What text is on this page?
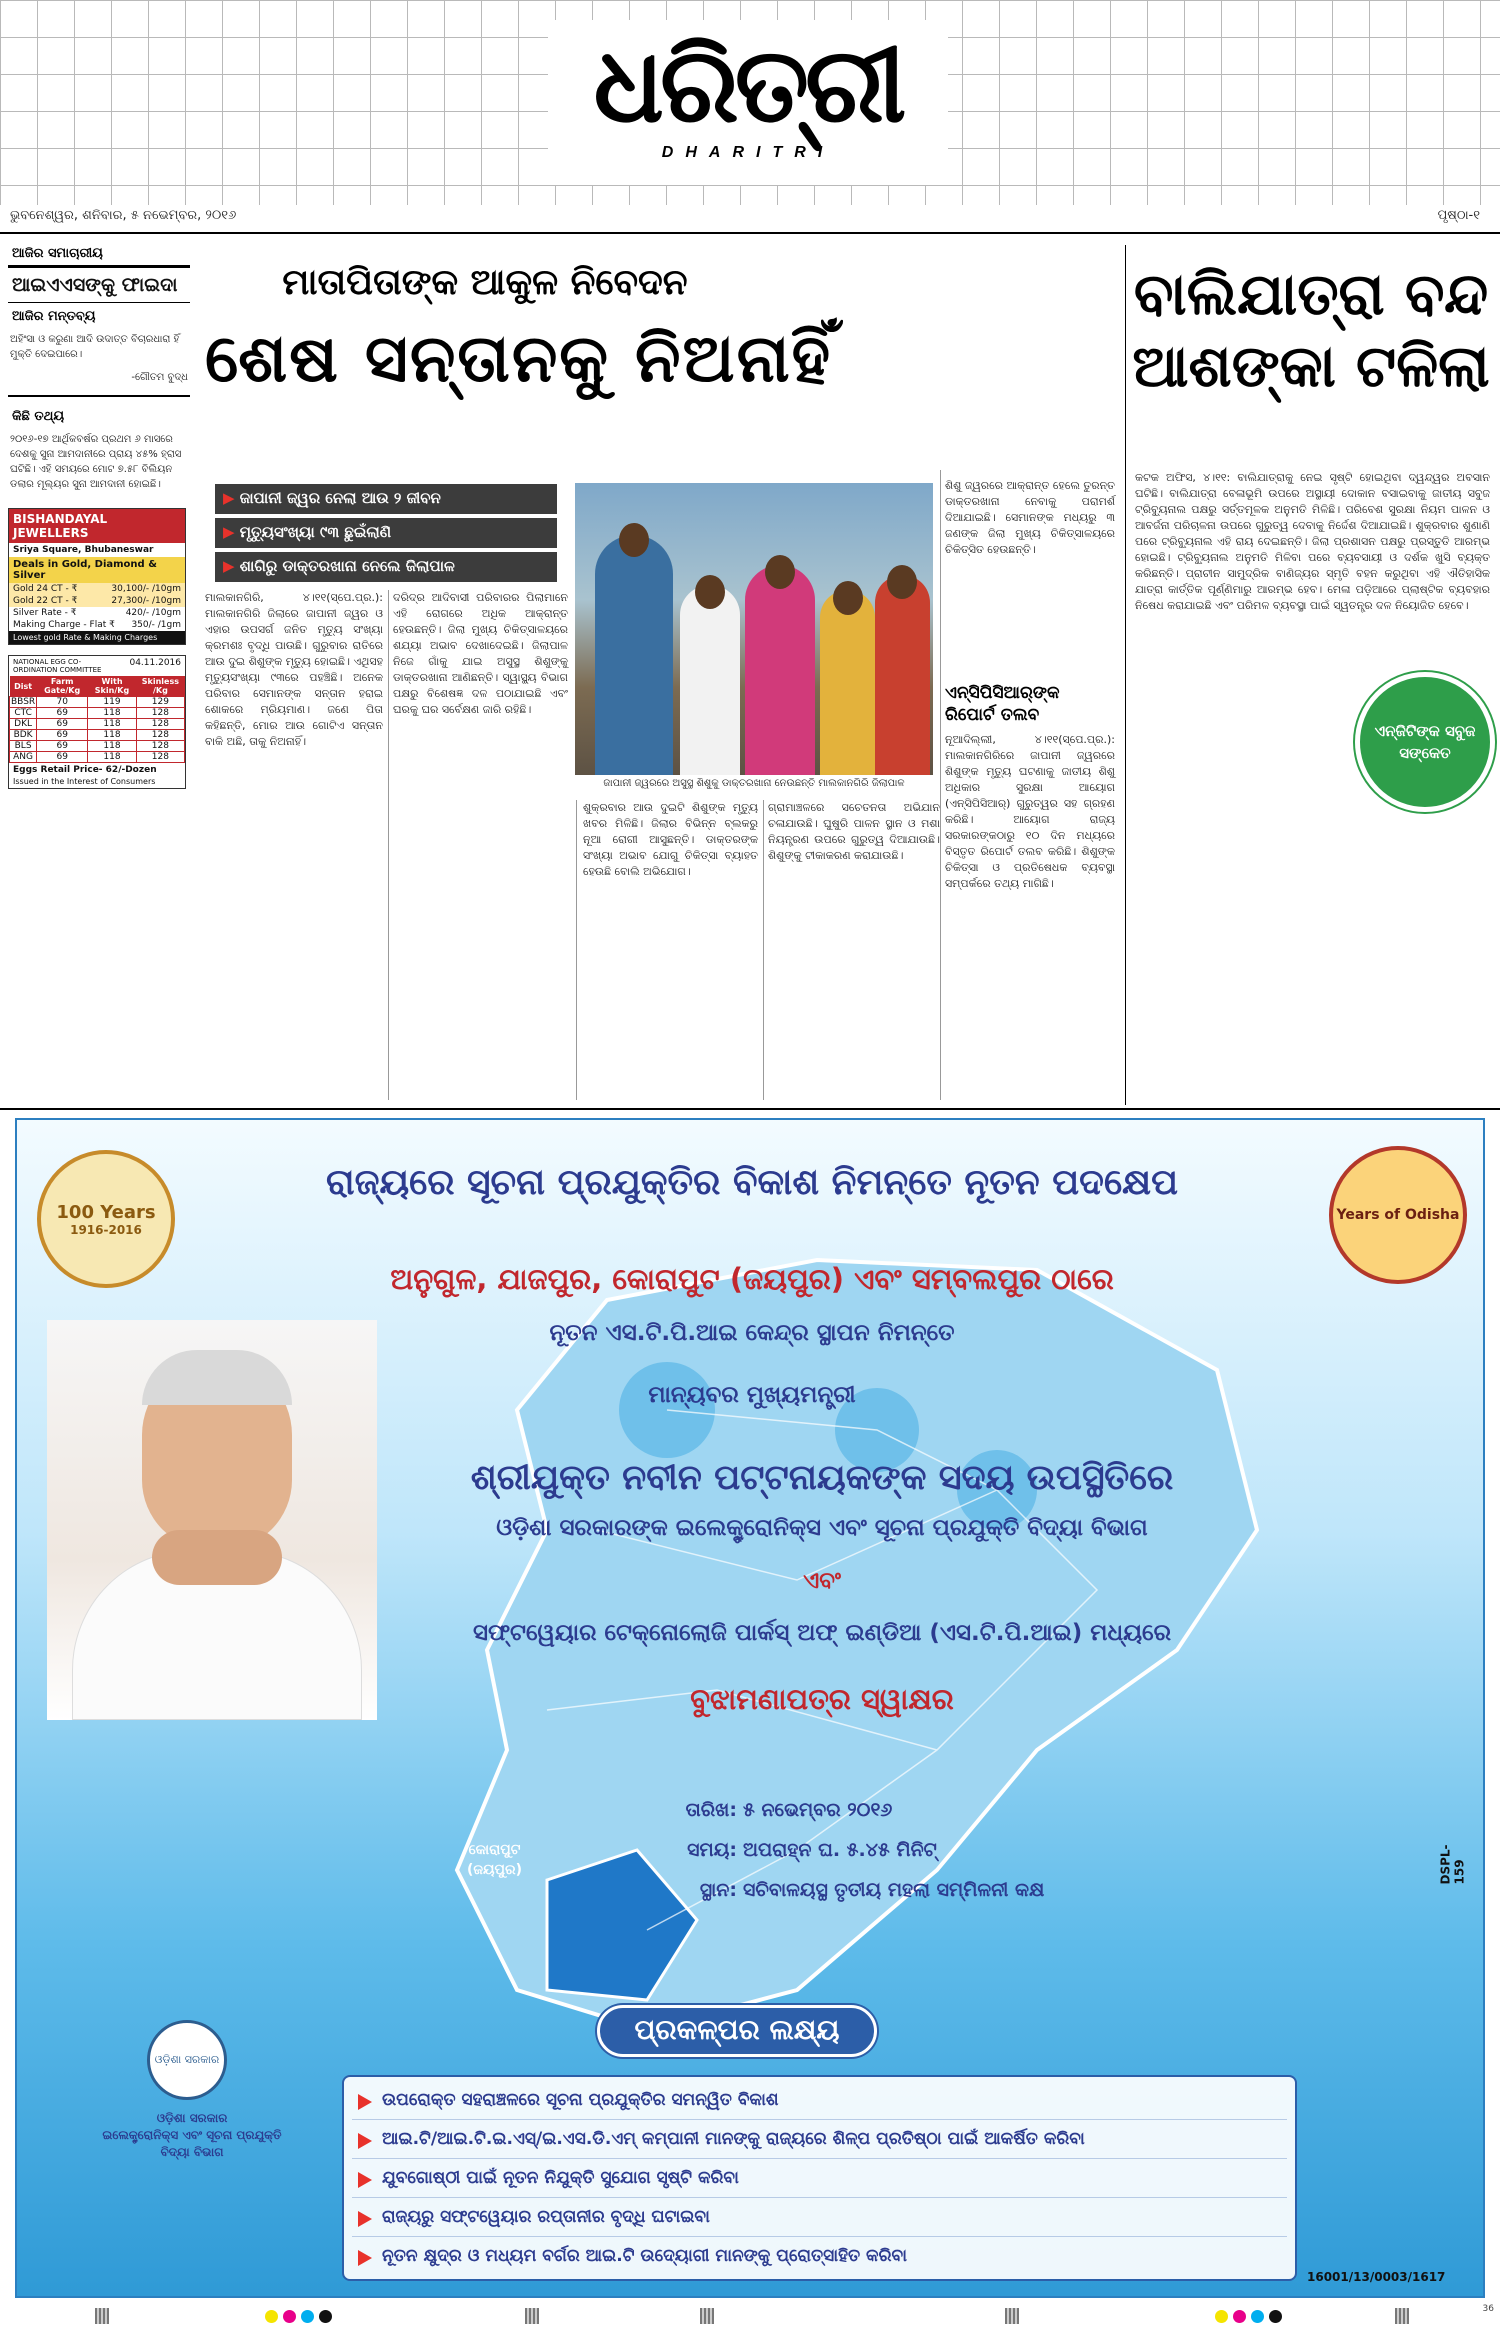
ଧରିତ୍ରୀ
DHARITRI
ଭୁବନେଶ୍ୱର, ଶନିବାର, ୫ ନଭେମ୍ବର, ୨୦୧୬	ପୃଷ୍ଠା-୧
ଆଜିର ସମାଚାରୀୟ
ଆଇଏଏସଙ୍କୁ ଫାଇଦା
ଆଜିର ମନ୍ତବ୍ୟ
ଅହିଂସା ଓ କରୁଣା ଆଦି ଉଦାତ୍ତ ବିଚାରଧାରା ହିଁ ମୁକ୍ତି ଦେଇପାରେ।
-ଗୌତମ ବୁଦ୍ଧ
କିଛି ତଥ୍ୟ
୨୦୧୬-୧୭ ଆର୍ଥିକବର୍ଷର ପ୍ରଥମ ୬ ମାସରେ ଦେଶକୁ ସୁନା ଆମଦାନୀରେ ପ୍ରାୟ ୪୫% ହ୍ରାସ ଘଟିଛି। ଏହି ସମୟରେ ମୋଟ ୭.୫୮ ବିଲିୟନ ଡଲାର ମୂଲ୍ୟର ସୁନା ଆମଦାନୀ ହୋଇଛି।
BISHANDAYAL JEWELLERS
Sriya Square, Bhubaneswar
Deals in Gold, Diamond & Silver
Gold 24 CT - ₹	30,100/- /10gm
Gold 22 CT - ₹	27,300/- /10gm
Silver Rate - ₹	420/- /10gm
Making Charge - Flat ₹ 350/- /1gm
Lowest gold Rate & Making Charges
NATIONAL EGG CO-ORDINATION COMMITTEE
04.11.2016
Dist	Farm Gate/Kg	With Skin/Kg	Skinless /Kg
BBSR	70	119	129
CTC	69	118	128
DKL	69	118	128
BDK	69	118	128
BLS	69	118	128
ANG	69	118	128
Eggs Retail Price- 62/-Dozen
Issued in the Interest of Consumers
ମାତାପିତାଙ୍କ ଆକୁଳ ନିବେଦନ
ଶେଷ ସନ୍ତାନକୁ ନିଅନାହିଁ
▶ ଜାପାନୀ ଜ୍ୱର ନେଲା ଆଉ ୨ ଜୀବନ
▶ ମୃତ୍ୟୁସଂଖ୍ୟା ୯୩ ଛୁଇଁଲାଣି
▶ ଶାଗିରୁ ଡାକ୍ତରଖାନା ନେଲେ ଜିଲାପାଳ
ଜାପାନୀ ଜ୍ୱରରେ ଅସୁସ୍ଥ ଶିଶୁକୁ ଡାକ୍ତରଖାନା ନେଉଛନ୍ତି ମାଲକାନଗିରି ଜିଲାପାଳ
ମାଲକାନଗିରି, ୪।୧୧(ସ୍ପେ.ପ୍ର.): ମାଲକାନଗିରି ଜିଲାରେ ଜାପାନୀ ଜ୍ୱର ଓ ଏହାର ଉପସର୍ଗ ଜନିତ ମୃତ୍ୟୁ ସଂଖ୍ୟା କ୍ରମଶଃ ବୃଦ୍ଧି ପାଉଛି। ଗୁରୁବାର ରାତିରେ ଆଉ ଦୁଇ ଶିଶୁଙ୍କ ମୃତ୍ୟୁ ହୋଇଛି। ଏଥିସହ ମୃତ୍ୟୁସଂଖ୍ୟା ୯୩ରେ ପହଞ୍ଚିଛି। ଅନେକ ପରିବାର ସେମାନଙ୍କ ସନ୍ତାନ ହରାଇ ଶୋକରେ ମ୍ରିୟମାଣ। ଜଣେ ପିତା କହିଛନ୍ତି, ମୋର ଆଉ ଗୋଟିଏ ସନ୍ତାନ ବାକି ଅଛି, ତାକୁ ନିଅନାହିଁ।
ଦରିଦ୍ର ଆଦିବାସୀ ପରିବାରର ପିଲାମାନେ ଏହି ରୋଗରେ ଅଧିକ ଆକ୍ରାନ୍ତ ହେଉଛନ୍ତି। ଜିଲା ମୁଖ୍ୟ ଚିକିତ୍ସାଳୟରେ ଶଯ୍ୟା ଅଭାବ ଦେଖାଦେଇଛି। ଜିଲାପାଳ ନିଜେ ଗାଁକୁ ଯାଇ ଅସୁସ୍ଥ ଶିଶୁଙ୍କୁ ଡାକ୍ତରଖାନା ଆଣିଛନ୍ତି। ସ୍ୱାସ୍ଥ୍ୟ ବିଭାଗ ପକ୍ଷରୁ ବିଶେଷଜ୍ଞ ଦଳ ପଠାଯାଇଛି ଏବଂ ଘରକୁ ଘର ସର୍ବେକ୍ଷଣ ଜାରି ରହିଛି।
ଶୁକ୍ରବାର ଆଉ ଦୁଇଟି ଶିଶୁଙ୍କ ମୃତ୍ୟୁ ଖବର ମିଳିଛି। ଜିଲାର ବିଭିନ୍ନ ବ୍ଲକରୁ ନୂଆ ରୋଗୀ ଆସୁଛନ୍ତି। ଡାକ୍ତରଙ୍କ ସଂଖ୍ୟା ଅଭାବ ଯୋଗୁ ଚିକିତ୍ସା ବ୍ୟାହତ ହେଉଛି ବୋଲି ଅଭିଯୋଗ।
ଗ୍ରାମାଞ୍ଚଳରେ ସଚେତନତା ଅଭିଯାନ ଚଳାଯାଉଛି। ଘୁଷୁରି ପାଳନ ସ୍ଥାନ ଓ ମଶା ନିୟନ୍ତ୍ରଣ ଉପରେ ଗୁରୁତ୍ୱ ଦିଆଯାଉଛି। ଶିଶୁଙ୍କୁ ଟୀକାକରଣ କରାଯାଉଛି।
ଶିଶୁ ଜ୍ୱରରେ ଆକ୍ରାନ୍ତ ହେଲେ ତୁରନ୍ତ ଡାକ୍ତରଖାନା ନେବାକୁ ପରାମର୍ଶ ଦିଆଯାଇଛି। ସେମାନଙ୍କ ମଧ୍ୟରୁ ୩ ଜଣଙ୍କ ଜିଲା ମୁଖ୍ୟ ଚିକିତ୍ସାଳୟରେ ଚିକିତ୍ସିତ ହେଉଛନ୍ତି।
ଏନ୍‌ସିପିସିଆର୍‌ଙ୍କ ରିପୋର୍ଟ ତଲବ
ନୂଆଦିଲ୍ଲୀ, ୪।୧୧(ସ୍ପେ.ପ୍ର.): ମାଲକାନଗିରିରେ ଜାପାନୀ ଜ୍ୱରରେ ଶିଶୁଙ୍କ ମୃତ୍ୟୁ ଘଟଣାକୁ ଜାତୀୟ ଶିଶୁ ଅଧିକାର ସୁରକ୍ଷା ଆୟୋଗ (ଏନ୍‌ସିପିସିଆର୍) ଗୁରୁତ୍ୱର ସହ ଗ୍ରହଣ କରିଛି। ଆୟୋଗ ରାଜ୍ୟ ସରକାରଙ୍କଠାରୁ ୧୦ ଦିନ ମଧ୍ୟରେ ବିସ୍ତୃତ ରିପୋର୍ଟ ତଲବ କରିଛି। ଶିଶୁଙ୍କ ଚିକିତ୍ସା ଓ ପ୍ରତିଷେଧକ ବ୍ୟବସ୍ଥା ସମ୍ପର୍କରେ ତଥ୍ୟ ମାଗିଛି।
ବାଲିଯାତ୍ରା ବନ୍ଦ ଆଶଙ୍କା ଟଳିଲା
କଟକ ଅଫିସ, ୪।୧୧: ବାଲିଯାତ୍ରାକୁ ନେଇ ସୃଷ୍ଟି ହୋଇଥିବା ଦ୍ୱନ୍ଦ୍ୱର ଅବସାନ ଘଟିଛି। ବାଲିଯାତ୍ରା ବେଳାଭୂମି ଉପରେ ଅସ୍ଥାୟୀ ଦୋକାନ ବସାଇବାକୁ ଜାତୀୟ ସବୁଜ ଟ୍ରିବ୍ୟୁନାଲ ପକ୍ଷରୁ ସର୍ତ୍ତମୂଳକ ଅନୁମତି ମିଳିଛି। ପରିବେଶ ସୁରକ୍ଷା ନିୟମ ପାଳନ ଓ ଆବର୍ଜନା ପରିଚାଳନା ଉପରେ ଗୁରୁତ୍ୱ ଦେବାକୁ ନିର୍ଦ୍ଦେଶ ଦିଆଯାଇଛି। ଶୁକ୍ରବାର ଶୁଣାଣି ପରେ ଟ୍ରିବ୍ୟୁନାଲ ଏହି ରାୟ ଦେଇଛନ୍ତି। ଜିଲା ପ୍ରଶାସନ ପକ୍ଷରୁ ପ୍ରସ୍ତୁତି ଆରମ୍ଭ ହୋଇଛି। ଟ୍ରିବ୍ୟୁନାଲ ଅନୁମତି ମିଳିବା ପରେ ବ୍ୟବସାୟୀ ଓ ଦର୍ଶକ ଖୁସି ବ୍ୟକ୍ତ କରିଛନ୍ତି। ପ୍ରାଚୀନ ସାମୁଦ୍ରିକ ବାଣିଜ୍ୟର ସ୍ମୃତି ବହନ କରୁଥିବା ଏହି ଐତିହାସିକ ଯାତ୍ରା କାର୍ତ୍ତିକ ପୂର୍ଣ୍ଣିମାରୁ ଆରମ୍ଭ ହେବ। ମେଳା ପଡ଼ିଆରେ ପ୍ଲାଷ୍ଟିକ ବ୍ୟବହାର ନିଷେଧ କରାଯାଇଛି ଏବଂ ପରିମଳ ବ୍ୟବସ୍ଥା ପାଇଁ ସ୍ୱତନ୍ତ୍ର ଦଳ ନିୟୋଜିତ ହେବେ।
ଏନ୍‌ଜିଟିଙ୍କ ସବୁଜ ସଙ୍କେତ
100 Years
1916-2016
Years of Odisha
ରାଜ୍ୟରେ ସୂଚନା ପ୍ରଯୁକ୍ତିର ବିକାଶ ନିମନ୍ତେ ନୂତନ ପଦକ୍ଷେପ
ଅନୁଗୁଳ, ଯାଜପୁର, କୋରାପୁଟ (ଜୟପୁର) ଏବଂ ସମ୍ବଲପୁର ଠାରେ
ନୂତନ ଏସ.ଟି.ପି.ଆଇ କେନ୍ଦ୍ର ସ୍ଥାପନ ନିମନ୍ତେ
ମାନ୍ୟବର ମୁଖ୍ୟମନ୍ତ୍ରୀ
ଶ୍ରୀଯୁକ୍ତ ନବୀନ ପଟ୍ଟନାୟକଙ୍କ ସଦୟ ଉପସ୍ଥିତିରେ
ଓଡ଼ିଶା ସରକାରଙ୍କ ଇଲେକ୍ଟ୍ରୋନିକ୍ସ ଏବଂ ସୂଚନା ପ୍ରଯୁକ୍ତି ବିଦ୍ୟା ବିଭାଗ
ଏବଂ
ସଫ୍ଟୱେୟାର ଟେକ୍ନୋଲୋଜି ପାର୍କସ୍ ଅଫ୍ ଇଣ୍ଡିଆ (ଏସ.ଟି.ପି.ଆଇ) ମଧ୍ୟରେ
ବୁଝାମଣାପତ୍ର ସ୍ୱାକ୍ଷର
ତାରିଖ: ୫ ନଭେମ୍ବର ୨୦୧୬
ସମୟ: ଅପରାହ୍ନ ଘ. ୫.୪୫ ମିନିଟ୍
ସ୍ଥାନ: ସଚିବାଳୟସ୍ଥ ତୃତୀୟ ମହଲା ସମ୍ମିଳନୀ କକ୍ଷ
କୋରାପୁଟ (ଜୟପୁର)	DSPL-159
ପ୍ରକଳ୍ପର ଲକ୍ଷ୍ୟ
ଉପରୋକ୍ତ ସହରାଞ୍ଚଳରେ ସୂଚନା ପ୍ରଯୁକ୍ତିର ସମନ୍ୱିତ ବିକାଶ
ଆଇ.ଟି/ଆଇ.ଟି.ଇ.ଏସ୍/ଇ.ଏସ.ଡି.ଏମ୍ କମ୍ପାନୀ ମାନଙ୍କୁ ରାଜ୍ୟରେ ଶିଳ୍ପ ପ୍ରତିଷ୍ଠା ପାଇଁ ଆକର୍ଷିତ କରିବା
ଯୁବଗୋଷ୍ଠୀ ପାଇଁ ନୂତନ ନିଯୁକ୍ତି ସୁଯୋଗ ସୃଷ୍ଟି କରିବା
ରାଜ୍ୟରୁ ସଫ୍ଟୱେୟାର ରପ୍ତାନୀର ବୃଦ୍ଧି ଘଟାଇବା
ନୂତନ କ୍ଷୁଦ୍ର ଓ ମଧ୍ୟମ ବର୍ଗର ଆଇ.ଟି ଉଦ୍ୟୋଗୀ ମାନଙ୍କୁ ପ୍ରୋତ୍ସାହିତ କରିବା
ଓଡ଼ିଶା ସରକାର
ଓଡ଼ିଶା ସରକାର
ଇଲେକ୍ଟ୍ରୋନିକ୍ସ ଏବଂ ସୂଚନା ପ୍ରଯୁକ୍ତି ବିଦ୍ୟା ବିଭାଗ
16001/13/0003/1617
36
